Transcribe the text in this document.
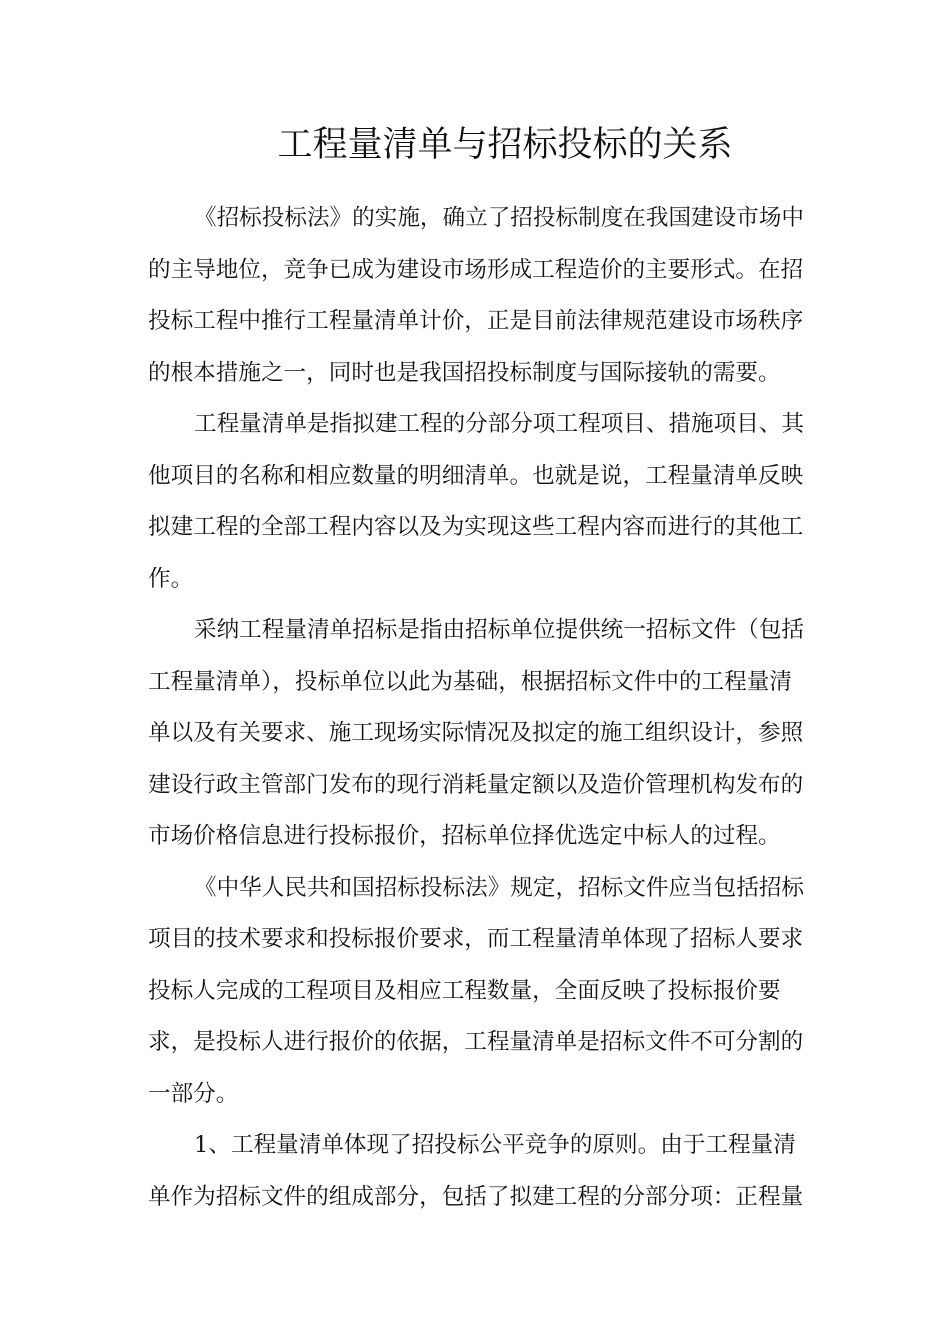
工程量清单与招标投标的关系
《招标投标法》的实施，确立了招投标制度在我国建设市场中
的主导地位，竞争已成为建设市场形成工程造价的主要形式。在招
投标工程中推行工程量清单计价，正是目前法律规范建设市场秩序
的根本措施之一，同时也是我国招投标制度与国际接轨的需要。
工程量清单是指拟建工程的分部分项工程项目、措施项目、其
他项目的名称和相应数量的明细清单。也就是说，工程量清单反映
拟建工程的全部工程内容以及为实现这些工程内容而进行的其他工
作。
采纳工程量清单招标是指由招标单位提供统一招标文件（包括
工程量清单），投标单位以此为基础，根据招标文件中的工程量清
单以及有关要求、施工现场实际情况及拟定的施工组织设计，参照
建设行政主管部门发布的现行消耗量定额以及造价管理机构发布的
市场价格信息进行投标报价，招标单位择优选定中标人的过程。
《中华人民共和国招标投标法》规定，招标文件应当包括招标
项目的技术要求和投标报价要求，而工程量清单体现了招标人要求
投标人完成的工程项目及相应工程数量，全面反映了投标报价要
求，是投标人进行报价的依据，工程量清单是招标文件不可分割的
一部分。
1、工程量清单体现了招投标公平竞争的原则。由于工程量清
单作为招标文件的组成部分，包括了拟建工程的分部分项：正程量
